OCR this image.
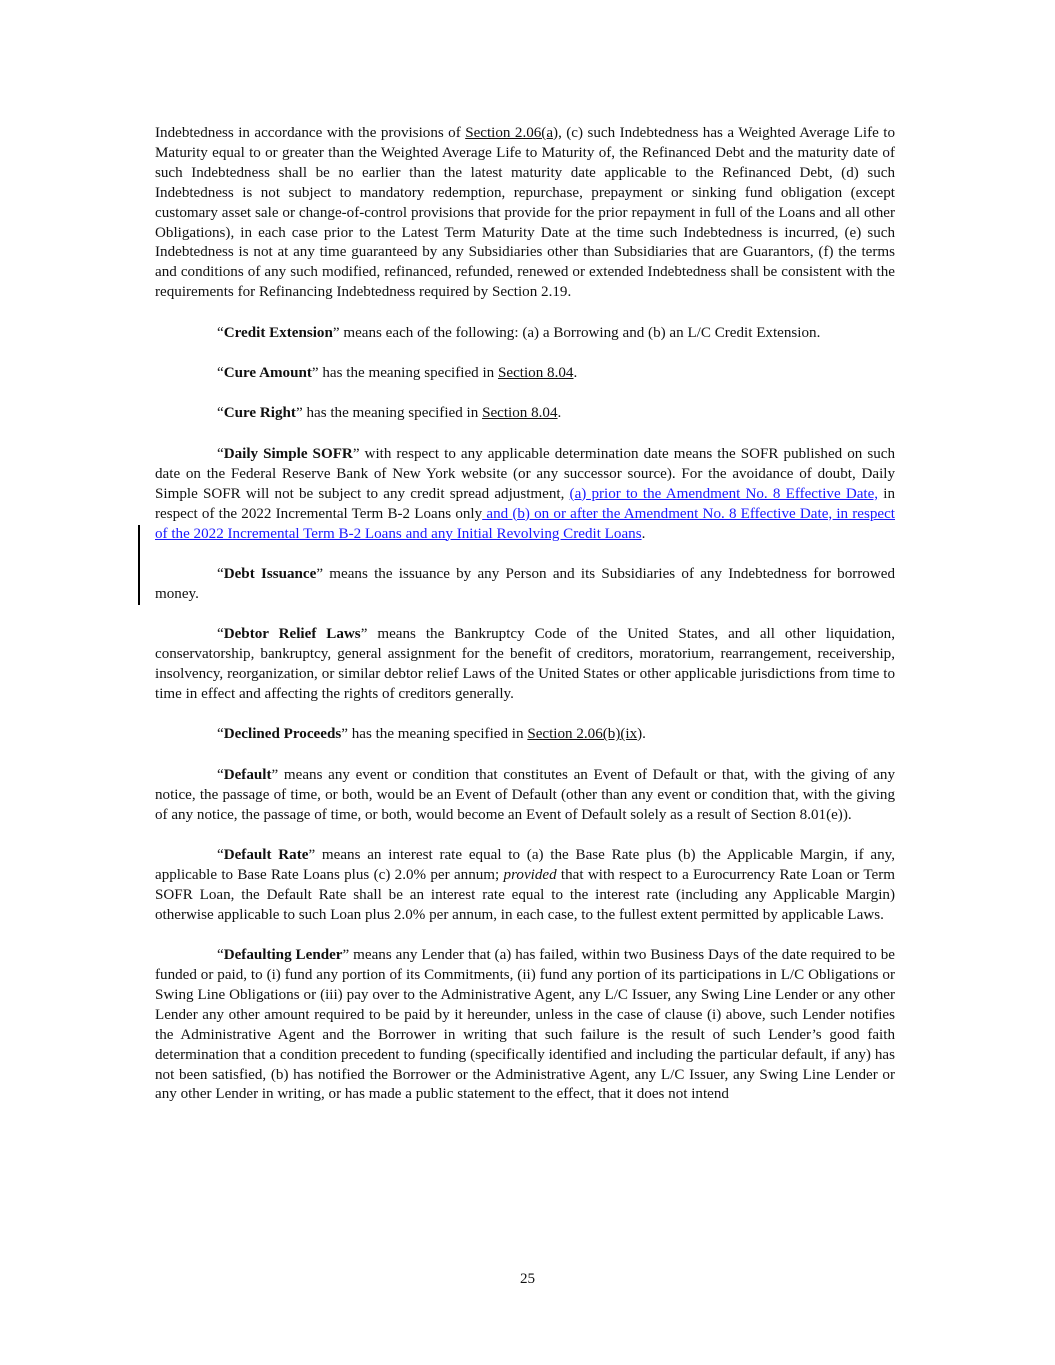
Indebtedness in accordance with the provisions of Section 2.06(a), (c) such Indebtedness has a Weighted Average Life to Maturity equal to or greater than the Weighted Average Life to Maturity of, the Refinanced Debt and the maturity date of such Indebtedness shall be no earlier than the latest maturity date applicable to the Refinanced Debt, (d) such Indebtedness is not subject to mandatory redemption, repurchase, prepayment or sinking fund obligation (except customary asset sale or change-of-control provisions that provide for the prior repayment in full of the Loans and all other Obligations), in each case prior to the Latest Term Maturity Date at the time such Indebtedness is incurred, (e) such Indebtedness is not at any time guaranteed by any Subsidiaries other than Subsidiaries that are Guarantors, (f) the terms and conditions of any such modified, refinanced, refunded, renewed or extended Indebtedness shall be consistent with the requirements for Refinancing Indebtedness required by Section 2.19.

“Credit Extension” means each of the following: (a) a Borrowing and (b) an L/C Credit Extension.

“Cure Amount” has the meaning specified in Section 8.04.

“Cure Right” has the meaning specified in Section 8.04.

“Daily Simple SOFR” with respect to any applicable determination date means the SOFR published on such date on the Federal Reserve Bank of New York website (or any successor source). For the avoidance of doubt, Daily Simple SOFR will not be subject to any credit spread adjustment, (a) prior to the Amendment No. 8 Effective Date, in respect of the 2022 Incremental Term B-2 Loans only and (b) on or after the Amendment No. 8 Effective Date, in respect of the 2022 Incremental Term B-2 Loans and any Initial Revolving Credit Loans.

“Debt Issuance” means the issuance by any Person and its Subsidiaries of any Indebtedness for borrowed money.

“Debtor Relief Laws” means the Bankruptcy Code of the United States, and all other liquidation, conservatorship, bankruptcy, general assignment for the benefit of creditors, moratorium, rearrangement, receivership, insolvency, reorganization, or similar debtor relief Laws of the United States or other applicable jurisdictions from time to time in effect and affecting the rights of creditors generally.

“Declined Proceeds” has the meaning specified in Section 2.06(b)(ix).

“Default” means any event or condition that constitutes an Event of Default or that, with the giving of any notice, the passage of time, or both, would be an Event of Default (other than any event or condition that, with the giving of any notice, the passage of time, or both, would become an Event of Default solely as a result of Section 8.01(e)).

“Default Rate” means an interest rate equal to (a) the Base Rate plus (b) the Applicable Margin, if any, applicable to Base Rate Loans plus (c) 2.0% per annum; provided that with respect to a Eurocurrency Rate Loan or Term SOFR Loan, the Default Rate shall be an interest rate equal to the interest rate (including any Applicable Margin) otherwise applicable to such Loan plus 2.0% per annum, in each case, to the fullest extent permitted by applicable Laws.

“Defaulting Lender” means any Lender that (a) has failed, within two Business Days of the date required to be funded or paid, to (i) fund any portion of its Commitments, (ii) fund any portion of its participations in L/C Obligations or Swing Line Obligations or (iii) pay over to the Administrative Agent, any L/C Issuer, any Swing Line Lender or any other Lender any other amount required to be paid by it hereunder, unless in the case of clause (i) above, such Lender notifies the Administrative Agent and the Borrower in writing that such failure is the result of such Lender’s good faith determination that a condition precedent to funding (specifically identified and including the particular default, if any) has not been satisfied, (b) has notified the Borrower or the Administrative Agent, any L/C Issuer, any Swing Line Lender or any other Lender in writing, or has made a public statement to the effect, that it does not intend

25
